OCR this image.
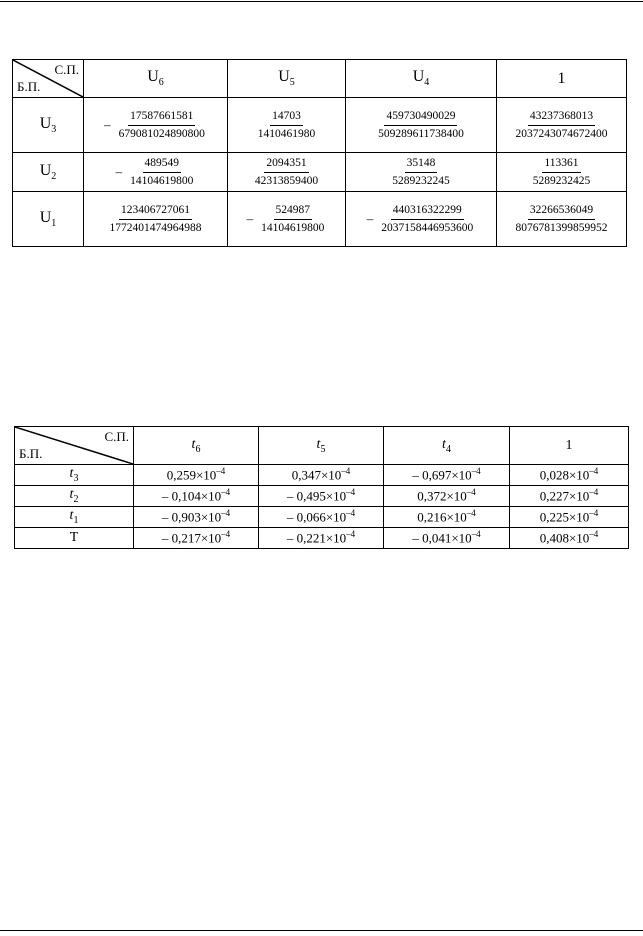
С.П.
Б.П.	$U_6$	$U_5$	$U_4$	1
$U_3$	– $\frac{17587661581}{679081024890800}$	$\frac{14703}{1410461980}$	$\frac{459730490029}{509289611738400}$	$\frac{43237368013}{2037243074672400}$

$U_2$	– $\frac{489549}{14104619800}$	$\frac{2094351}{42313859400}$	$\frac{35148}{5289232245}$	$\frac{113361}{5289232425}$

$U_1$	$\frac{123406727061}{1772401474964988}$	– $\frac{524987}{14104619800}$	– $\frac{440316322299}{2037158446953600}$	$\frac{32266536049}{8076781399859952}$
С.П.
Б.П.	$t_6$	$t_5$	$t_4$	1
$t_3$	$0,259\times 10^{-4}$	$0,347\times 10^{-4}$	– $0,697\times 10^{-4}$	$0,028\times 10^{-4}$
$t_2$	– $0,104\times 10^{-4}$	– $0,495\times 10^{-4}$	$0,372\times 10^{-4}$	$0,227\times 10^{-4}$
$t_1$	– $0,903\times 10^{-4}$	– $0,066\times 10^{-4}$	$0,216\times 10^{-4}$	$0,225\times 10^{-4}$
T	– $0,217\times 10^{-4}$	– $0,221\times 10^{-4}$	– $0,041\times 10^{-4}$	$0,408\times 10^{-4}$
